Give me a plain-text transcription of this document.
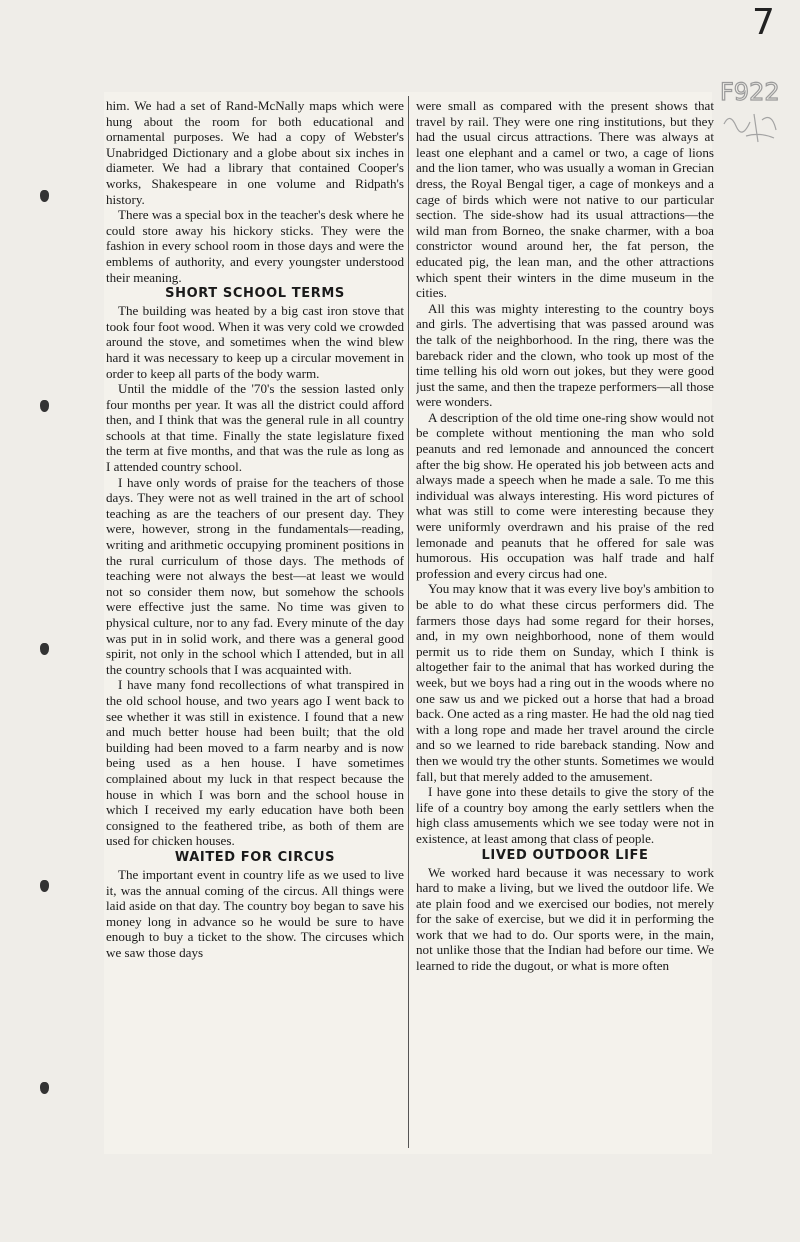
7
F922

him. We had a set of Rand-McNally maps which were hung about the room for both educational and ornamental purposes. We had a copy of Webster's Unabridged Dictionary and a globe about six inches in diameter. We had a library that contained Cooper's works, Shakespeare in one volume and Ridpath's history.

There was a special box in the teacher's desk where he could store away his hickory sticks. They were the fashion in every school room in those days and were the emblems of authority, and every youngster understood their meaning.

SHORT SCHOOL TERMS

The building was heated by a big cast iron stove that took four foot wood. When it was very cold we crowded around the stove, and sometimes when the wind blew hard it was necessary to keep up a circular movement in order to keep all parts of the body warm.

Until the middle of the '70's the session lasted only four months per year. It was all the district could afford then, and I think that was the general rule in all country schools at that time. Finally the state legislature fixed the term at five months, and that was the rule as long as I attended country school.

I have only words of praise for the teachers of those days. They were not as well trained in the art of school teaching as are the teachers of our present day. They were, however, strong in the fundamentals—reading, writing and arithmetic occupying prominent positions in the rural curriculum of those days. The methods of teaching were not always the best—at least we would not so consider them now, but somehow the schools were effective just the same. No time was given to physical culture, nor to any fad. Every minute of the day was put in in solid work, and there was a general good spirit, not only in the school which I attended, but in all the country schools that I was acquainted with.

I have many fond recollections of what transpired in the old school house, and two years ago I went back to see whether it was still in existence. I found that a new and much better house had been built; that the old building had been moved to a farm nearby and is now being used as a hen house. I have sometimes complained about my luck in that respect because the house in which I was born and the school house in which I received my early education have both been consigned to the feathered tribe, as both of them are used for chicken houses.

WAITED FOR CIRCUS

The important event in country life as we used to live it, was the annual coming of the circus. All things were laid aside on that day. The country boy began to save his money long in advance so he would be sure to have enough to buy a ticket to the show. The circuses which we saw those days

were small as compared with the present shows that travel by rail. They were one ring institutions, but they had the usual circus attractions. There was always at least one elephant and a camel or two, a cage of lions and the lion tamer, who was usually a woman in Grecian dress, the Royal Bengal tiger, a cage of monkeys and a cage of birds which were not native to our particular section. The side-show had its usual attractions—the wild man from Borneo, the snake charmer, with a boa constrictor wound around her, the fat person, the educated pig, the lean man, and the other attractions which spent their winters in the dime museum in the cities.

All this was mighty interesting to the country boys and girls. The advertising that was passed around was the talk of the neighborhood. In the ring, there was the bareback rider and the clown, who took up most of the time telling his old worn out jokes, but they were good just the same, and then the trapeze performers—all those were wonders.

A description of the old time one-ring show would not be complete without mentioning the man who sold peanuts and red lemonade and announced the concert after the big show. He operated his job between acts and always made a speech when he made a sale. To me this individual was always interesting. His word pictures of what was still to come were interesting because they were uniformly overdrawn and his praise of the red lemonade and peanuts that he offered for sale was humorous. His occupation was half trade and half profession and every circus had one.

You may know that it was every live boy's ambition to be able to do what these circus performers did. The farmers those days had some regard for their horses, and, in my own neighborhood, none of them would permit us to ride them on Sunday, which I think is altogether fair to the animal that has worked during the week, but we boys had a ring out in the woods where no one saw us and we picked out a horse that had a broad back. One acted as a ring master. He had the old nag tied with a long rope and made her travel around the circle and so we learned to ride bareback standing. Now and then we would try the other stunts. Sometimes we would fall, but that merely added to the amusement.

I have gone into these details to give the story of the life of a country boy among the early settlers when the high class amusements which we see today were not in existence, at least among that class of people.

LIVED OUTDOOR LIFE

We worked hard because it was necessary to work hard to make a living, but we lived the outdoor life. We ate plain food and we exercised our bodies, not merely for the sake of exercise, but we did it in performing the work that we had to do. Our sports were, in the main, not unlike those that the Indian had before our time. We learned to ride the dugout, or what is more often
